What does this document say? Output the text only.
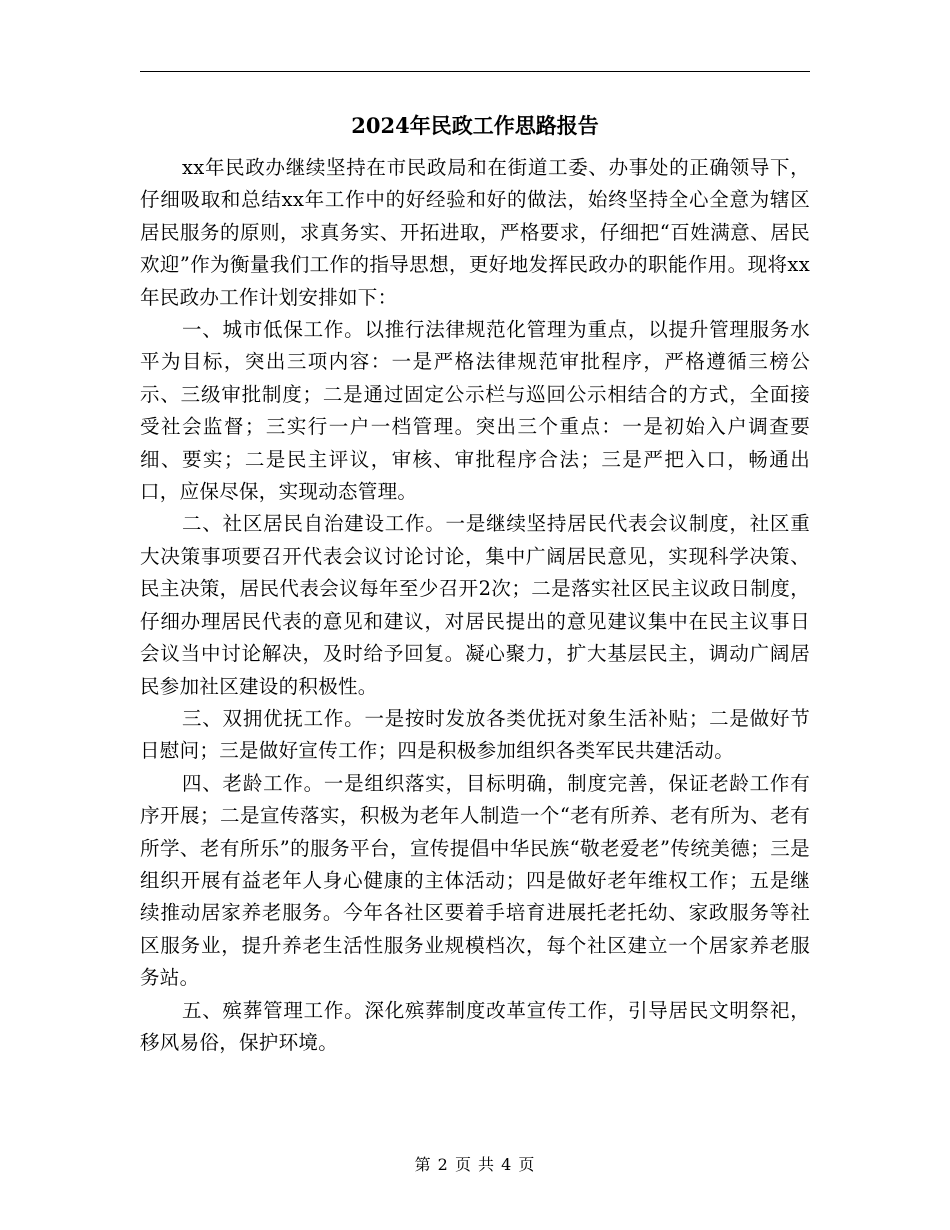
2024年民政工作思路报告

xx年民政办继续坚持在市民政局和在街道工委、办事处的正确领导下，仔细吸取和总结xx年工作中的好经验和好的做法，始终坚持全心全意为辖区居民服务的原则，求真务实、开拓进取，严格要求，仔细把“百姓满意、居民欢迎”作为衡量我们工作的指导思想，更好地发挥民政办的职能作用。现将xx年民政办工作计划安排如下：

一、城市低保工作。以推行法律规范化管理为重点，以提升管理服务水平为目标，突出三项内容：一是严格法律规范审批程序，严格遵循三榜公示、三级审批制度；二是通过固定公示栏与巡回公示相结合的方式，全面接受社会监督；三实行一户一档管理。突出三个重点：一是初始入户调查要细、要实；二是民主评议，审核、审批程序合法；三是严把入口，畅通出口，应保尽保，实现动态管理。

二、社区居民自治建设工作。一是继续坚持居民代表会议制度，社区重大决策事项要召开代表会议讨论讨论，集中广阔居民意见，实现科学决策、民主决策，居民代表会议每年至少召开2次；二是落实社区民主议政日制度，仔细办理居民代表的意见和建议，对居民提出的意见建议集中在民主议事日会议当中讨论解决，及时给予回复。凝心聚力，扩大基层民主，调动广阔居民参加社区建设的积极性。

三、双拥优抚工作。一是按时发放各类优抚对象生活补贴；二是做好节日慰问；三是做好宣传工作；四是积极参加组织各类军民共建活动。

四、老龄工作。一是组织落实，目标明确，制度完善，保证老龄工作有序开展；二是宣传落实，积极为老年人制造一个“老有所养、老有所为、老有所学、老有所乐”的服务平台，宣传提倡中华民族“敬老爱老”传统美德；三是组织开展有益老年人身心健康的主体活动；四是做好老年维权工作；五是继续推动居家养老服务。今年各社区要着手培育进展托老托幼、家政服务等社区服务业，提升养老生活性服务业规模档次，每个社区建立一个居家养老服务站。

五、殡葬管理工作。深化殡葬制度改革宣传工作，引导居民文明祭祀，移风易俗，保护环境。

第 2 页 共 4 页
